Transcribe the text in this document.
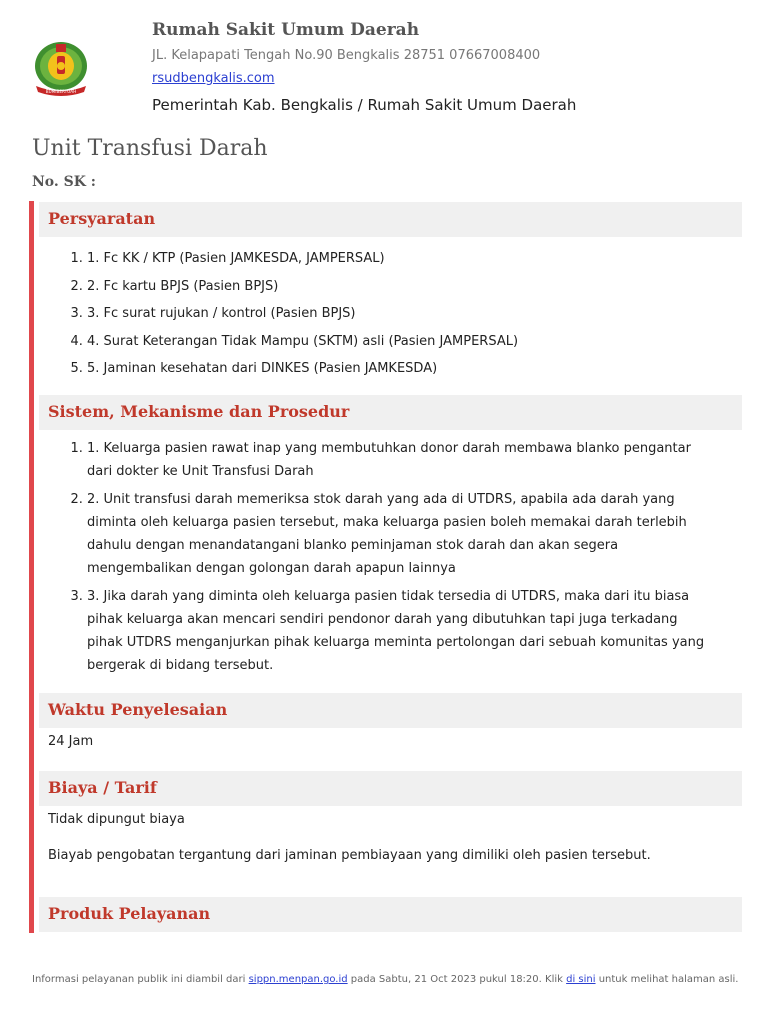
BUMIBERTUAH
Rumah Sakit Umum Daerah
JL. Kelapapati Tengah No.90 Bengkalis 28751 07667008400
rsudbengkalis.com
Pemerintah Kab. Bengkalis / Rumah Sakit Umum Daerah
Unit Transfusi Darah
No. SK :
Persyaratan
1. 1. Fc KK / KTP (Pasien JAMKESDA, JAMPERSAL)
2. 2. Fc kartu BPJS (Pasien BPJS)
3. 3. Fc surat rujukan / kontrol (Pasien BPJS)
4. 4. Surat Keterangan Tidak Mampu (SKTM) asli (Pasien JAMPERSAL)
5. 5. Jaminan kesehatan dari DINKES (Pasien JAMKESDA)
Sistem, Mekanisme dan Prosedur
1. 1. Keluarga pasien rawat inap yang membutuhkan donor darah membawa blanko pengantar dari dokter ke Unit Transfusi Darah
2. 2. Unit transfusi darah memeriksa stok darah yang ada di UTDRS, apabila ada darah yang diminta oleh keluarga pasien tersebut, maka keluarga pasien boleh memakai darah terlebih dahulu dengan menandatangani blanko peminjaman stok darah dan akan segera mengembalikan dengan golongan darah apapun lainnya
3. 3. Jika darah yang diminta oleh keluarga pasien tidak tersedia di UTDRS, maka dari itu biasa pihak keluarga akan mencari sendiri pendonor darah yang dibutuhkan tapi juga terkadang pihak UTDRS menganjurkan pihak keluarga meminta pertolongan dari sebuah komunitas yang bergerak di bidang tersebut.
Waktu Penyelesaian
24 Jam
Biaya / Tarif
Tidak dipungut biaya
Biayab pengobatan tergantung dari jaminan pembiayaan yang dimiliki oleh pasien tersebut.
Produk Pelayanan
Informasi pelayanan publik ini diambil dari sippn.menpan.go.id pada Sabtu, 21 Oct 2023 pukul 18:20. Klik di sini untuk melihat halaman asli.
